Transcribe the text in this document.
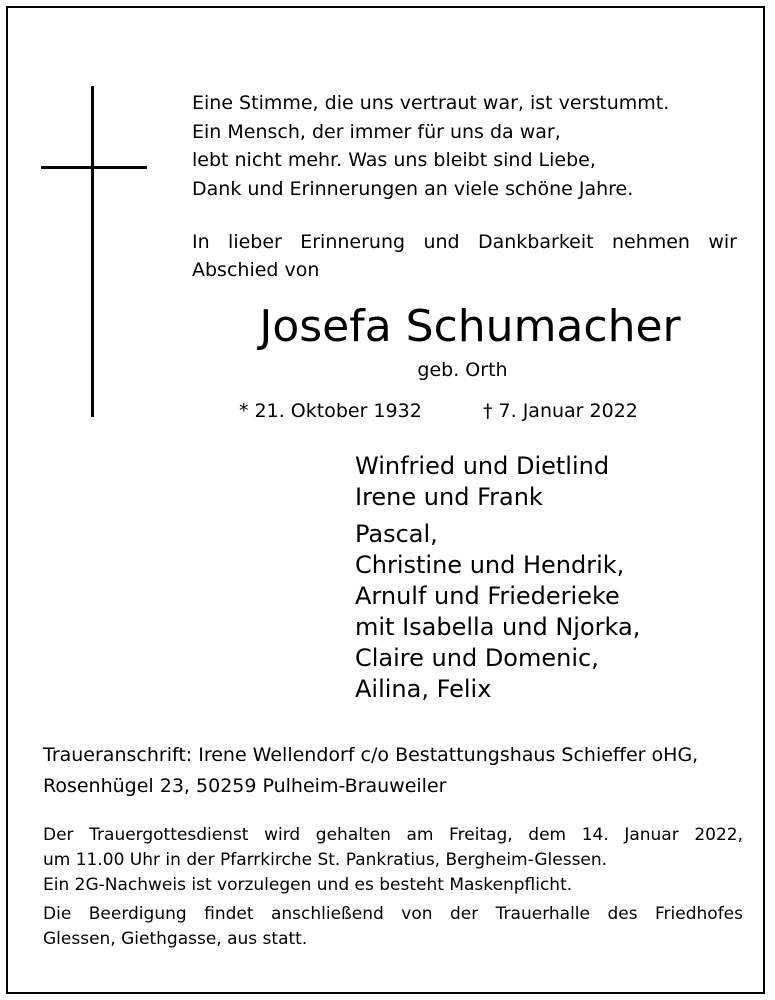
Eine Stimme, die uns vertraut war, ist verstummt.
Ein Mensch, der immer für uns da war,
lebt nicht mehr. Was uns bleibt sind Liebe,
Dank und Erinnerungen an viele schöne Jahre.
In lieber Erinnerung und Dankbarkeit nehmen wir Abschied von
Josefa Schumacher
geb. Orth
* 21. Oktober 1932	† 7. Januar 2022
Winfried und Dietlind
Irene und Frank
Pascal,
Christine und Hendrik,
Arnulf und Friederieke
mit Isabella und Njorka,
Claire und Domenic,
Ailina, Felix
Traueranschrift: Irene Wellendorf c/o Bestattungshaus Schieffer oHG,
Rosenhügel 23, 50259 Pulheim-Brauweiler
Der Trauergottesdienst wird gehalten am Freitag, dem 14. Januar 2022,
um 11.00 Uhr in der Pfarrkirche St. Pankratius, Bergheim-Glessen.
Ein 2G-Nachweis ist vorzulegen und es besteht Maskenpflicht.
Die Beerdigung findet anschließend von der Trauerhalle des Friedhofes
Glessen, Giethgasse, aus statt.
